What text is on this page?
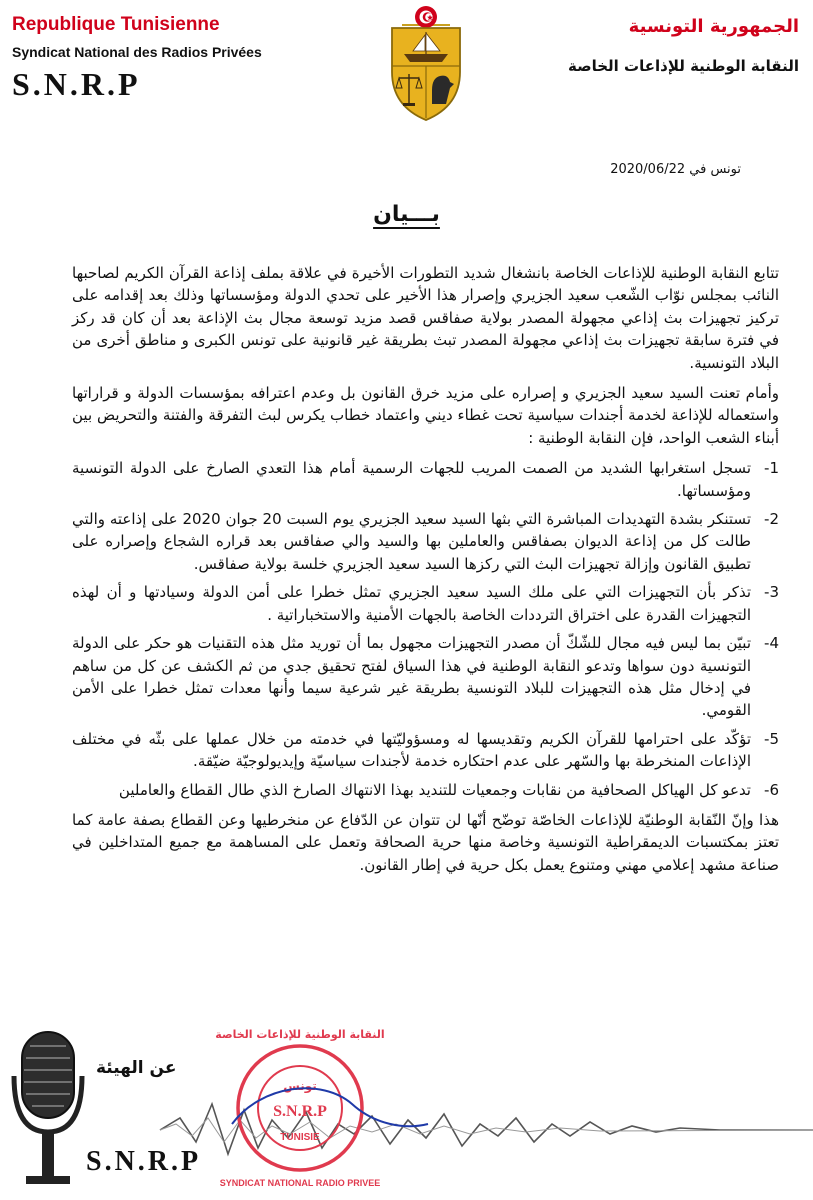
Republique Tunisienne
Syndicat National des Radios Privées
S.N.R.P
الجمهورية التونسية
النقابة الوطنية للإذاعات الخاصة
تونس في 2020/06/22
بـــيان

تتابع النقابة الوطنية للإذاعات الخاصة بانشغال شديد التطورات الأخيرة في علاقة بملف إذاعة القرآن الكريم لصاحبها النائب بمجلس نوّاب الشّعب سعيد الجزيري وإصرار هذا الأخير على تحدي الدولة ومؤسساتها وذلك بعد إقدامه على تركيز تجهيزات بث إذاعي مجهولة المصدر بولاية صفاقس قصد مزيد توسعة مجال بث الإذاعة بعد أن كان قد ركز في فترة سابقة تجهيزات بث إذاعي مجهولة المصدر تبث بطريقة غير قانونية على تونس الكبرى و مناطق أخرى من البلاد التونسية.

وأمام تعنت السيد سعيد الجزيري و إصراره على مزيد خرق القانون بل وعدم اعترافه بمؤسسات الدولة و قراراتها واستعماله للإذاعة لخدمة أجندات سياسية تحت غطاء ديني واعتماد خطاب يكرس لبث التفرقة والفتنة والتحريض بين أبناء الشعب الواحد، فإن النقابة الوطنية :

1-
تسجل استغرابها الشديد من الصمت المريب للجهات الرسمية أمام هذا التعدي الصارخ على الدولة التونسية ومؤسساتها.
2-
تستنكر بشدة التهديدات المباشرة التي بثها السيد سعيد الجزيري يوم السبت 20 جوان 2020 على إذاعته والتي طالت كل من إذاعة الديوان بصفاقس والعاملين بها والسيد والي صفاقس بعد قراره الشجاع وإصراره على تطبيق القانون وإزالة تجهيزات البث التي ركزها السيد سعيد الجزيري خلسة بولاية صفاقس.
3-
تذكر بأن التجهيزات التي على ملك السيد سعيد الجزيري تمثل خطرا على أمن الدولة وسيادتها و أن لهذه التجهيزات القدرة على اختراق الترددات الخاصة بالجهات الأمنية والاستخباراتية .
4-
تبيّن بما ليس فيه مجال للشّكّ أن مصدر التجهيزات مجهول بما أن توريد مثل هذه التقنيات هو حكر على الدولة التونسية دون سواها وتدعو النقابة الوطنية في هذا السياق لفتح تحقيق جدي من ثم الكشف عن كل من ساهم في إدخال مثل هذه التجهيزات للبلاد التونسية بطريقة غير شرعية سيما وأنها معدات تمثل خطرا على الأمن القومي.
5-
تؤكّد على احترامها للقرآن الكريم وتقديسها له ومسؤوليّتها في خدمته من خلال عملها على بثّه في مختلف الإذاعات المنخرطة بها والسّهر على عدم احتكاره خدمة لأجندات سياسيّة وإيديولوجيّة ضيّقة.
6-
تدعو كل الهياكل الصحافية من نقابات وجمعيات للتنديد بهذا الانتهاك الصارخ الذي طال القطاع والعاملين

هذا وإنّ النّقابة الوطنيّة للإذاعات الخاصّة توضّح أنّها لن تتوان عن الدّفاع عن منخرطيها وعن القطاع بصفة عامة كما تعتز بمكتسبات الديمقراطية التونسية وخاصة منها حرية الصحافة وتعمل على المساهمة مع جميع المتداخلين في صناعة مشهد إعلامي مهني ومتنوع يعمل بكل حرية في إطار القانون.

النقابة الوطنية للإذاعات الخاصة
SYNDICAT NATIONAL RADIO PRIVEE
تونس
S.N.R.P
TUNISIE
عن الهيئة
S.N.R.P
